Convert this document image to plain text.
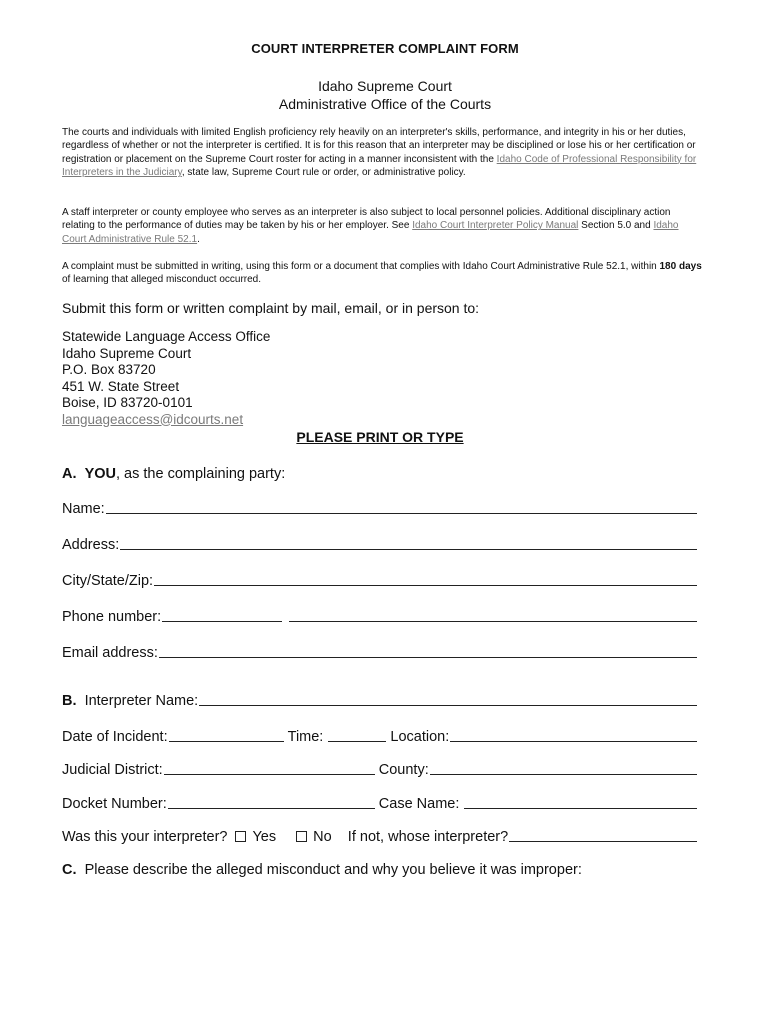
COURT INTERPRETER COMPLAINT FORM
Idaho Supreme Court
Administrative Office of the Courts
The courts and individuals with limited English proficiency rely heavily on an interpreter's skills, performance, and integrity in his or her duties, regardless of whether or not the interpreter is certified. It is for this reason that an interpreter may be disciplined or lose his or her certification or registration or placement on the Supreme Court roster for acting in a manner inconsistent with the Idaho Code of Professional Responsibility for Interpreters in the Judiciary, state law, Supreme Court rule or order, or administrative policy.
A staff interpreter or county employee who serves as an interpreter is also subject to local personnel policies. Additional disciplinary action relating to the performance of duties may be taken by his or her employer. See Idaho Court Interpreter Policy Manual Section 5.0 and Idaho Court Administrative Rule 52.1.
A complaint must be submitted in writing, using this form or a document that complies with Idaho Court Administrative Rule 52.1, within 180 days of learning that alleged misconduct occurred.
Submit this form or written complaint by mail, email, or in person to:
Statewide Language Access Office
Idaho Supreme Court
P.O. Box 83720
451 W. State Street
Boise, ID 83720-0101
languageaccess@idcourts.net
PLEASE PRINT OR TYPE
A.
YOU , as the complaining party:
Name:
Address:
City/State/Zip:
Phone number:
Email address:
B.
Interpreter Name:
Date of Incident:
	Time:

	Location:
Judicial District:
	County:
Docket Number:
	Case Name:

Was this your interpreter? Yes	No
If not, whose interpreter?
C.
Please describe the alleged misconduct and why you believe it was improper:
